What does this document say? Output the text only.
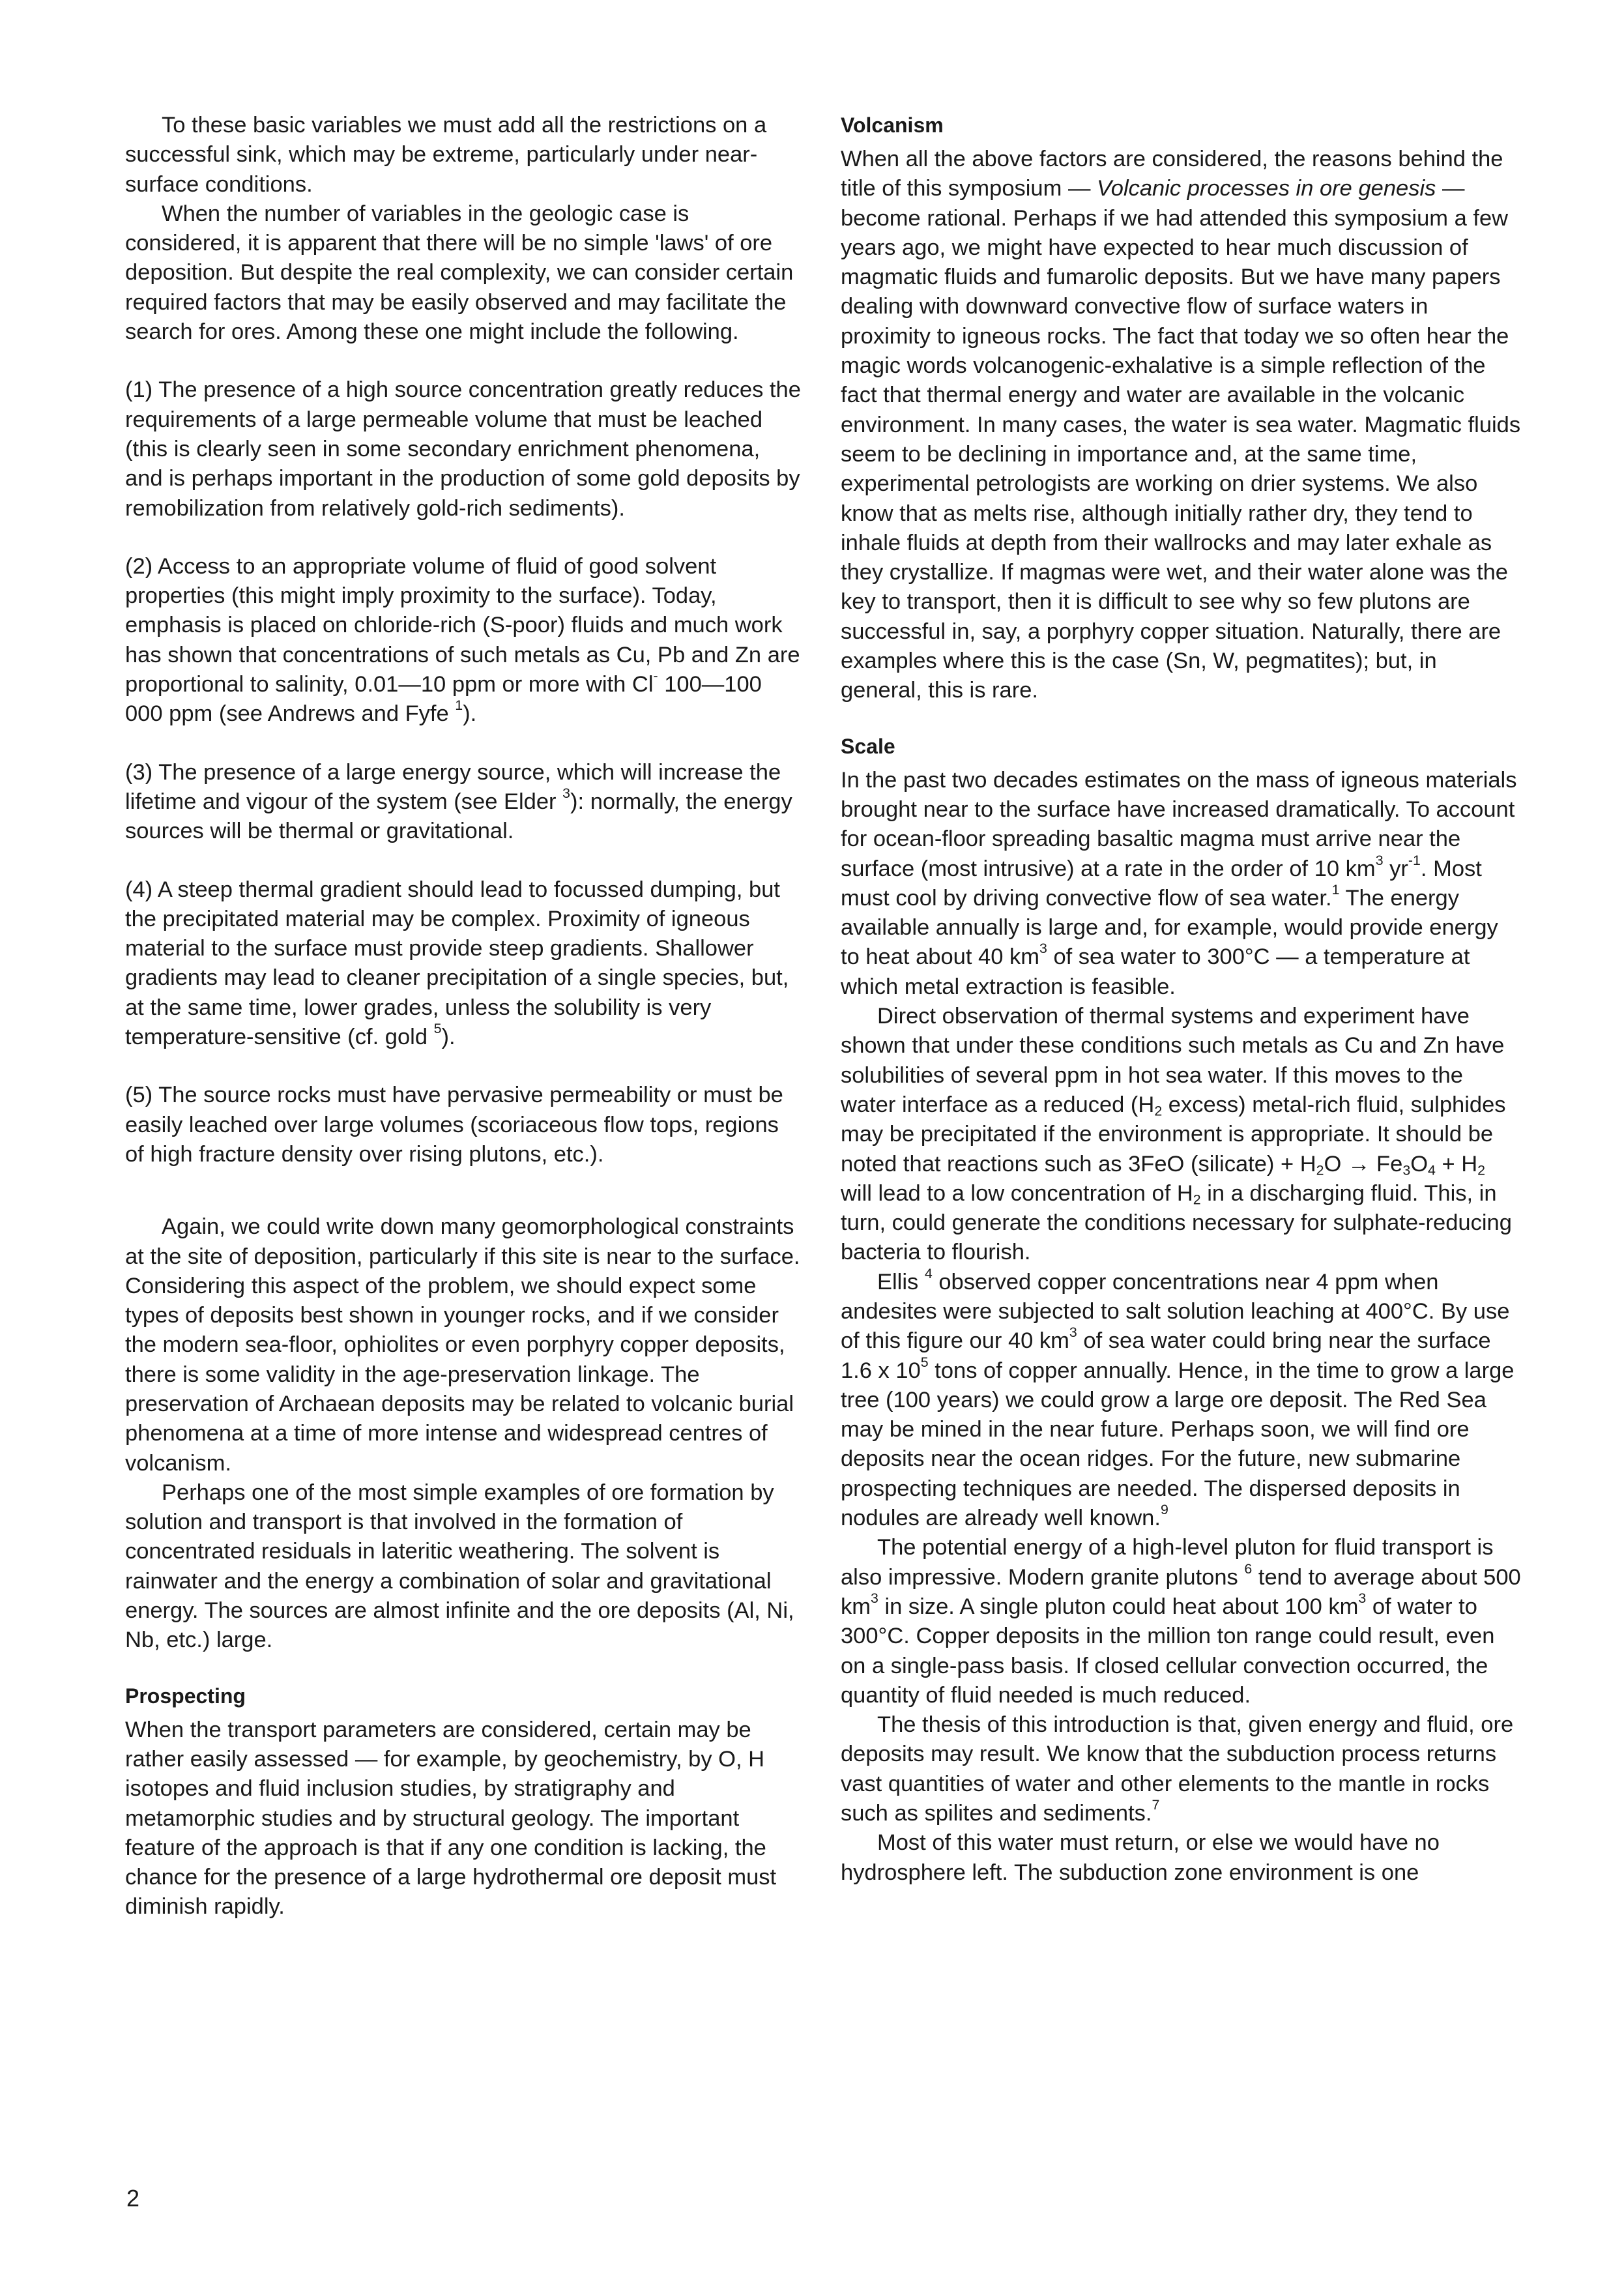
To these basic variables we must add all the restrictions on a successful sink, which may be extreme, particularly under near-surface conditions.

When the number of variables in the geologic case is considered, it is apparent that there will be no simple 'laws' of ore deposition. But despite the real complexity, we can consider certain required factors that may be easily observed and may facilitate the search for ores. Among these one might include the following.

(1) The presence of a high source concentration greatly reduces the requirements of a large permeable volume that must be leached (this is clearly seen in some secondary enrichment phenomena, and is perhaps important in the production of some gold deposits by remobilization from relatively gold-rich sediments).

(2) Access to an appropriate volume of fluid of good solvent properties (this might imply proximity to the surface). Today, emphasis is placed on chloride-rich (S-poor) fluids and much work has shown that concentrations of such metals as Cu, Pb and Zn are proportional to salinity, 0.01—10 ppm or more with Cl- 100—100 000 ppm (see Andrews and Fyfe $^1$).

(3) The presence of a large energy source, which will increase the lifetime and vigour of the system (see Elder $^3$): normally, the energy sources will be thermal or gravitational.

(4) A steep thermal gradient should lead to focussed dumping, but the precipitated material may be complex. Proximity of igneous material to the surface must provide steep gradients. Shallower gradients may lead to cleaner precipitation of a single species, but, at the same time, lower grades, unless the solubility is very temperature-sensitive (cf. gold $^5$).

(5) The source rocks must have pervasive permeability or must be easily leached over large volumes (scoriaceous flow tops, regions of high fracture density over rising plutons, etc.).

Again, we could write down many geomorphological constraints at the site of deposition, particularly if this site is near to the surface. Considering this aspect of the problem, we should expect some types of deposits best shown in younger rocks, and if we consider the modern sea-floor, ophiolites or even porphyry copper deposits, there is some validity in the age-preservation linkage. The preservation of Archaean deposits may be related to volcanic burial phenomena at a time of more intense and widespread centres of volcanism.

Perhaps one of the most simple examples of ore formation by solution and transport is that involved in the formation of concentrated residuals in lateritic weathering. The solvent is rainwater and the energy a combination of solar and gravitational energy. The sources are almost infinite and the ore deposits (Al, Ni, Nb, etc.) large.

Prospecting

When the transport parameters are considered, certain may be rather easily assessed — for example, by geochemistry, by O, H isotopes and fluid inclusion studies, by stratigraphy and metamorphic studies and by structural geology. The important feature of the approach is that if any one condition is lacking, the chance for the presence of a large hydrothermal ore deposit must diminish rapidly.

Volcanism

When all the above factors are considered, the reasons behind the title of this symposium — Volcanic processes in ore genesis — become rational. Perhaps if we had attended this symposium a few years ago, we might have expected to hear much discussion of magmatic fluids and fumarolic deposits. But we have many papers dealing with downward convective flow of surface waters in proximity to igneous rocks. The fact that today we so often hear the magic words volcanogenic-exhalative is a simple reflection of the fact that thermal energy and water are available in the volcanic environment. In many cases, the water is sea water. Magmatic fluids seem to be declining in importance and, at the same time, experimental petrologists are working on drier systems. We also know that as melts rise, although initially rather dry, they tend to inhale fluids at depth from their wallrocks and may later exhale as they crystallize. If magmas were wet, and their water alone was the key to transport, then it is difficult to see why so few plutons are successful in, say, a porphyry copper situation. Naturally, there are examples where this is the case (Sn, W, pegmatites); but, in general, this is rare.

Scale

In the past two decades estimates on the mass of igneous materials brought near to the surface have increased dramatically. To account for ocean-floor spreading basaltic magma must arrive near the surface (most intrusive) at a rate in the order of 10 $km^3$ $yr^{-1}$. Most must cool by driving convective flow of sea water.$^1$ The energy available annually is large and, for example, would provide energy to heat about 40 $km^3$ of sea water to 300°C — a temperature at which metal extraction is feasible.

Direct observation of thermal systems and experiment have shown that under these conditions such metals as Cu and Zn have solubilities of several ppm in hot sea water. If this moves to the water interface as a reduced ($H_2$ excess) metal-rich fluid, sulphides may be precipitated if the environment is appropriate. It should be noted that reactions such as 3FeO (silicate) + $H_2O \to Fe_3O_4 + H_2$ will lead to a low concentration of $H_2$ in a discharging fluid. This, in turn, could generate the conditions necessary for sulphate-reducing bacteria to flourish.

Ellis $^4$ observed copper concentrations near 4 ppm when andesites were subjected to salt solution leaching at 400°C. By use of this figure our 40 $km^3$ of sea water could bring near the surface 1.6 x $10^5$ tons of copper annually. Hence, in the time to grow a large tree (100 years) we could grow a large ore deposit. The Red Sea may be mined in the near future. Perhaps soon, we will find ore deposits near the ocean ridges. For the future, new submarine prospecting techniques are needed. The dispersed deposits in nodules are already well known.$^9$

The potential energy of a high-level pluton for fluid transport is also impressive. Modern granite plutons $^6$ tend to average about 500 $km^3$ in size. A single pluton could heat about 100 $km^3$ of water to 300°C. Copper deposits in the million ton range could result, even on a single-pass basis. If closed cellular convection occurred, the quantity of fluid needed is much reduced.

The thesis of this introduction is that, given energy and fluid, ore deposits may result. We know that the subduction process returns vast quantities of water and other elements to the mantle in rocks such as spilites and sediments.$^7$

Most of this water must return, or else we would have no hydrosphere left. The subduction zone environment is one

2
